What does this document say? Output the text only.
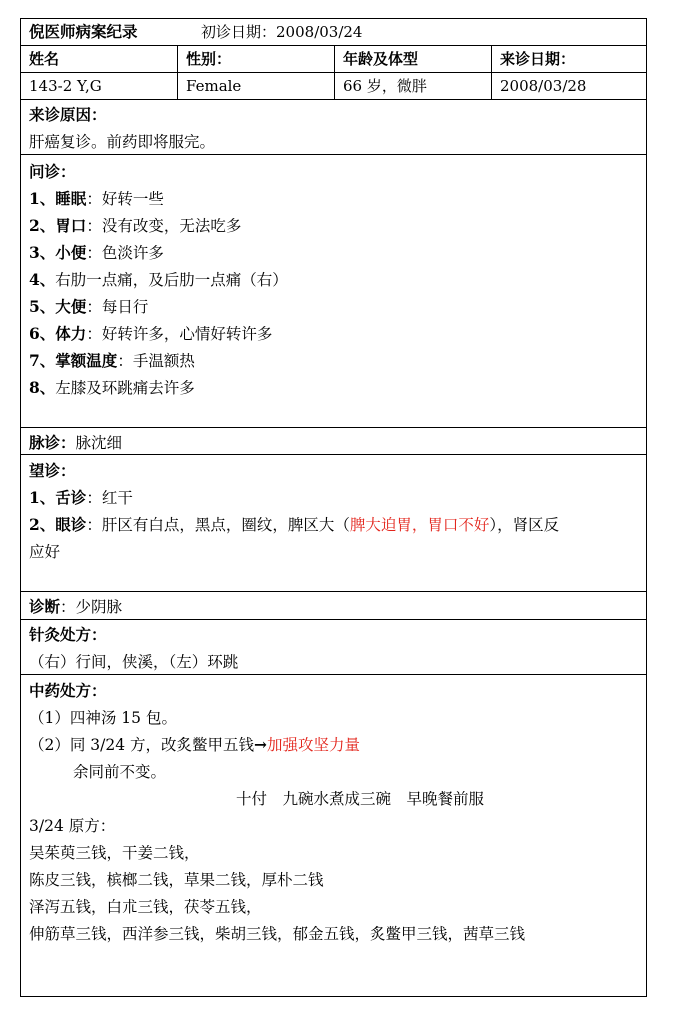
倪医师病案纪录	初诊日期：2008/03/24
姓名	性别：	年龄及体型	来诊日期：
143-2 Y,G	Female	66 岁，微胖	2008/03/28
来诊原因：
肝癌复诊。前药即将服完。
问诊：
1、睡眠：好转一些
2、胃口：没有改变，无法吃多
3、小便：色淡许多
4、右肋一点痛，及后肋一点痛（右）
5、大便：每日行
6、体力：好转许多，心情好转许多
7、掌额温度：手温额热
8、左膝及环跳痛去许多
脉诊：脉沈细
望诊：
1、舌诊：红干
2、眼诊：肝区有白点，黑点，圈纹，脾区大（脾大迫胃，胃口不好），肾区反
应好
诊断：少阴脉
针灸处方：
（右）行间，侠溪，（左）环跳
中药处方：
（1）四神汤 15 包。
（2）同 3/24 方，改炙鳖甲五钱→加强攻坚力量
余同前不变。
十付　九碗水煮成三碗　早晚餐前服
3/24 原方：
吴茱萸三钱，干姜二钱，
陈皮三钱，槟榔二钱，草果二钱，厚朴二钱
泽泻五钱，白朮三钱，茯苓五钱，
伸筋草三钱，西洋参三钱，柴胡三钱，郁金五钱，炙鳖甲三钱，茜草三钱
